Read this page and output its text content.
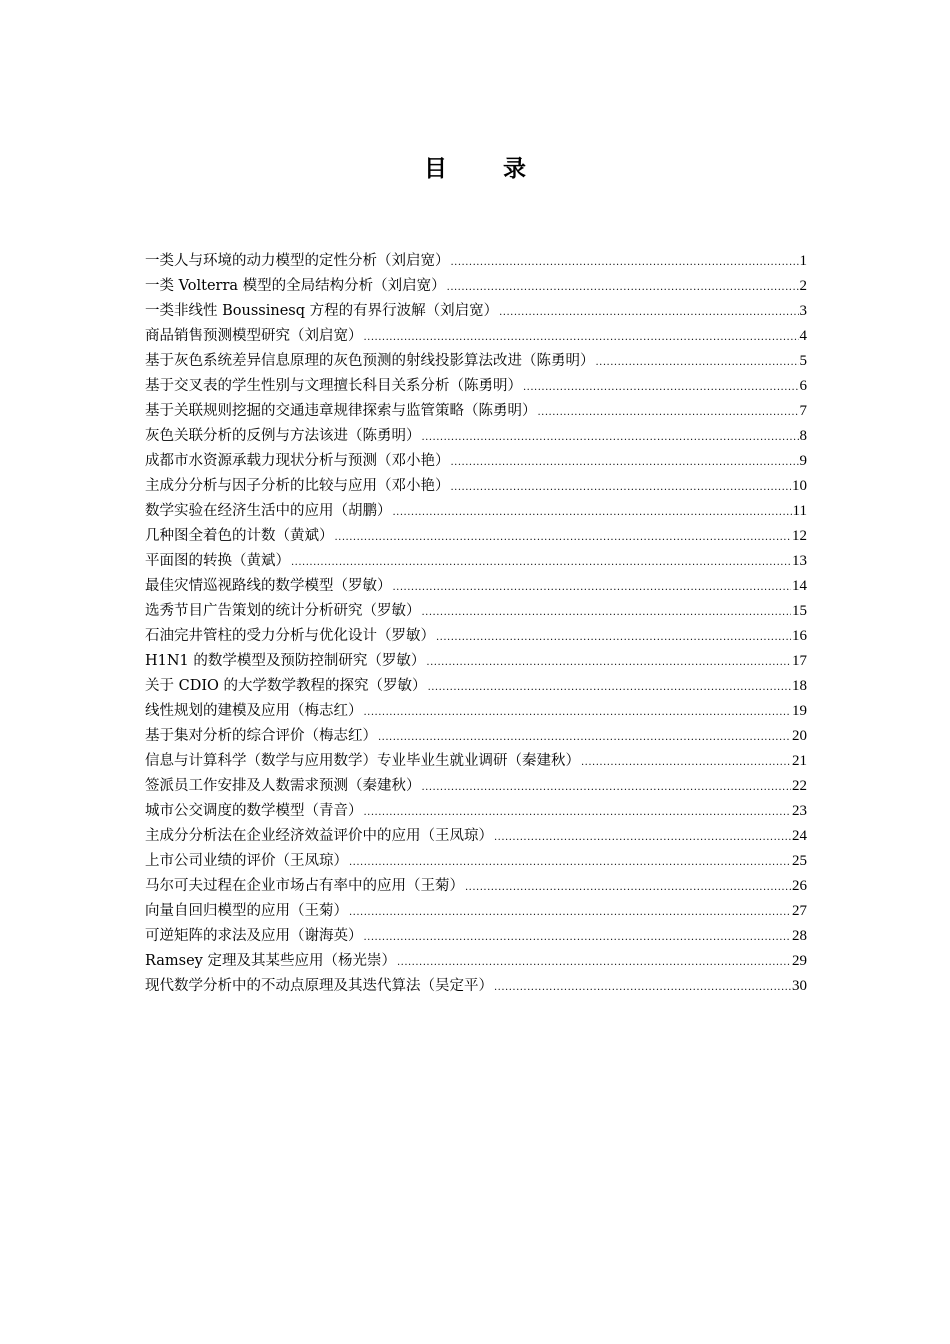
目 录
一类人与环境的动力模型的定性分析（刘启宽） .....	1
一类 Volterra 模型的全局结构分析（刘启宽） .....	2
一类非线性 Boussinesq 方程的有界行波解（刘启宽） .....	3
商品销售预测模型研究（刘启宽） .....	4
基于灰色系统差异信息原理的灰色预测的射线投影算法改进（陈勇明） .....	5
基于交叉表的学生性别与文理擅长科目关系分析（陈勇明） .....	6
基于关联规则挖掘的交通违章规律探索与监管策略（陈勇明） .....	7
灰色关联分析的反例与方法该进（陈勇明） .....	8
成都市水资源承载力现状分析与预测（邓小艳） .....	9
主成分分析与因子分析的比较与应用（邓小艳） .....	10
数学实验在经济生活中的应用（胡鹏） .....	11
几种图全着色的计数（黄斌） .....	12
平面图的转换（黄斌） .....	13
最佳灾情巡视路线的数学模型（罗敏） .....	14
选秀节目广告策划的统计分析研究（罗敏） .....	15
石油完井管柱的受力分析与优化设计（罗敏） .....	16
H1N1 的数学模型及预防控制研究（罗敏） .....	17
关于 CDIO 的大学数学教程的探究（罗敏） .....	18
线性规划的建模及应用（梅志红） .....	19
基于集对分析的综合评价（梅志红） .....	20
信息与计算科学（数学与应用数学）专业毕业生就业调研（秦建秋） .....	21
签派员工作安排及人数需求预测（秦建秋） .....	22
城市公交调度的数学模型（青音） .....	23
主成分分析法在企业经济效益评价中的应用（王凤琼） .....	24
上市公司业绩的评价（王凤琼） .....	25
马尔可夫过程在企业市场占有率中的应用（王菊） .....	26
向量自回归模型的应用（王菊） .....	27
可逆矩阵的求法及应用（谢海英） .....	28
Ramsey 定理及其某些应用（杨光崇） .....	29
现代数学分析中的不动点原理及其迭代算法（吴定平） .....	30
